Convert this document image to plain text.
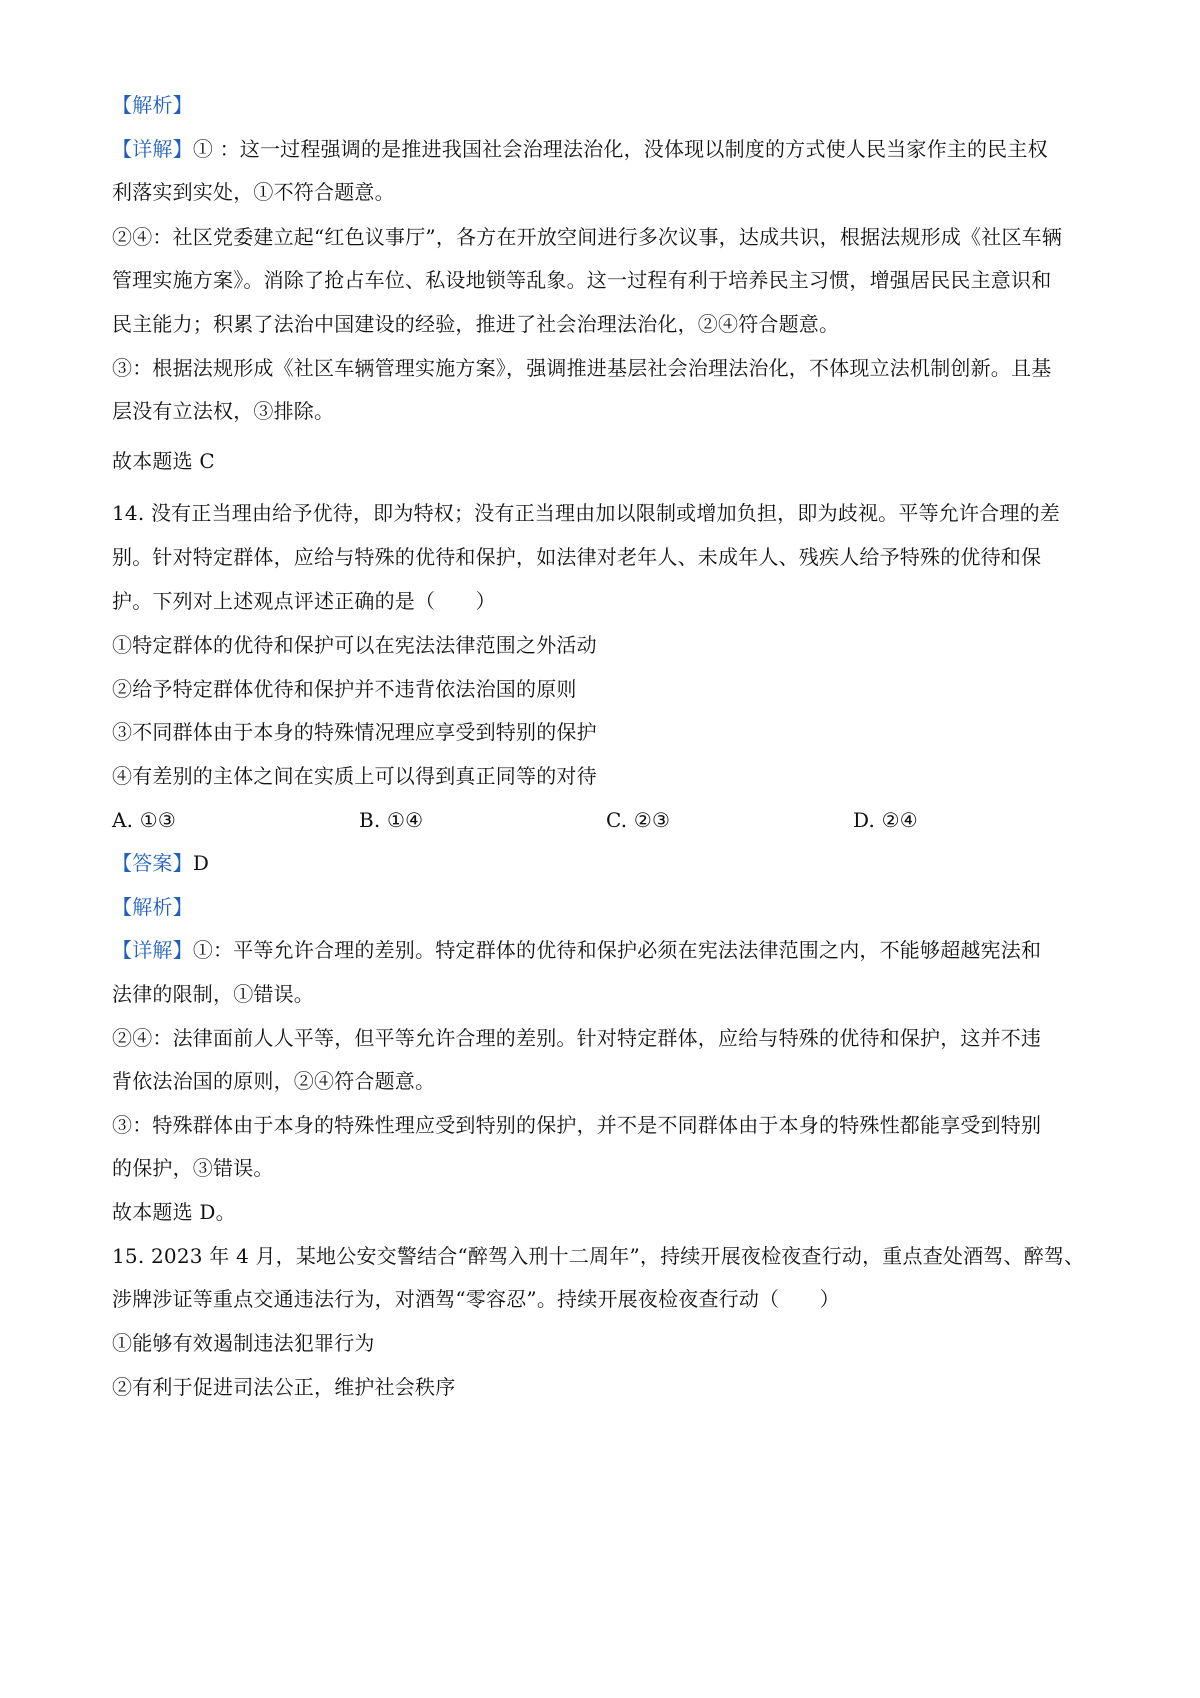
【解析】
【详解】① ：这一过程强调的是推进我国社会治理法治化，没体现以制度的方式使人民当家作主的民主权
利落实到实处，①不符合题意。
②④：社区党委建立起“红色议事厅”，各方在开放空间进行多次议事，达成共识，根据法规形成《社区车辆
管理实施方案》。消除了抢占车位、私设地锁等乱象。这一过程有利于培养民主习惯，增强居民民主意识和
民主能力；积累了法治中国建设的经验，推进了社会治理法治化，②④符合题意。
③：根据法规形成《社区车辆管理实施方案》，强调推进基层社会治理法治化，不体现立法机制创新。且基
层没有立法权，③排除。
故本题选 C
14. 没有正当理由给予优待，即为特权；没有正当理由加以限制或增加负担，即为歧视。平等允许合理的差
别。针对特定群体，应给与特殊的优待和保护，如法律对老年人、未成年人、残疾人给予特殊的优待和保
护。下列对上述观点评述正确的是（　　）
①特定群体的优待和保护可以在宪法法律范围之外活动
②给予特定群体优待和保护并不违背依法治国的原则
③不同群体由于本身的特殊情况理应享受到特别的保护
④有差别的主体之间在实质上可以得到真正同等的对待
A. ①③	B. ①④	C. ②③	D. ②④
【答案】D
【解析】
【详解】①：平等允许合理的差别。特定群体的优待和保护必须在宪法法律范围之内，不能够超越宪法和
法律的限制，①错误。
②④：法律面前人人平等，但平等允许合理的差别。针对特定群体，应给与特殊的优待和保护，这并不违
背依法治国的原则，②④符合题意。
③：特殊群体由于本身的特殊性理应受到特别的保护，并不是不同群体由于本身的特殊性都能享受到特别
的保护，③错误。
故本题选 D。
15. 2023 年 4 月，某地公安交警结合“醉驾入刑十二周年”，持续开展夜检夜查行动，重点查处酒驾、醉驾、
涉牌涉证等重点交通违法行为，对酒驾“零容忍”。持续开展夜检夜查行动（　　）
①能够有效遏制违法犯罪行为
②有利于促进司法公正，维护社会秩序
